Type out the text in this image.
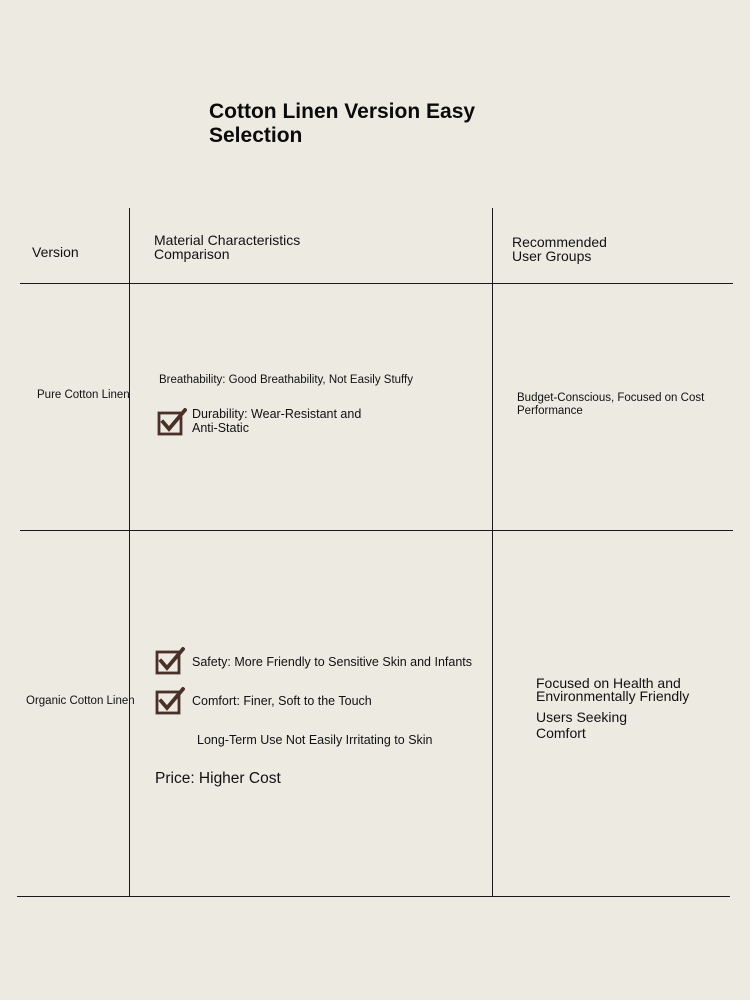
Cotton Linen Version Easy Selection
Version
Material Characteristics Comparison
Recommended User Groups
Pure Cotton Linen
Breathability: Good Breathability, Not Easily Stuffy
Durability: Wear-Resistant and Anti-Static
Budget-Conscious, Focused on Cost Performance
Organic Cotton Linen
Safety: More Friendly to Sensitive Skin and Infants
Comfort: Finer, Soft to the Touch
Long-Term Use Not Easily Irritating to Skin
Price: Higher Cost
Focused on Health and Environmentally Friendly
Users Seeking Comfort
